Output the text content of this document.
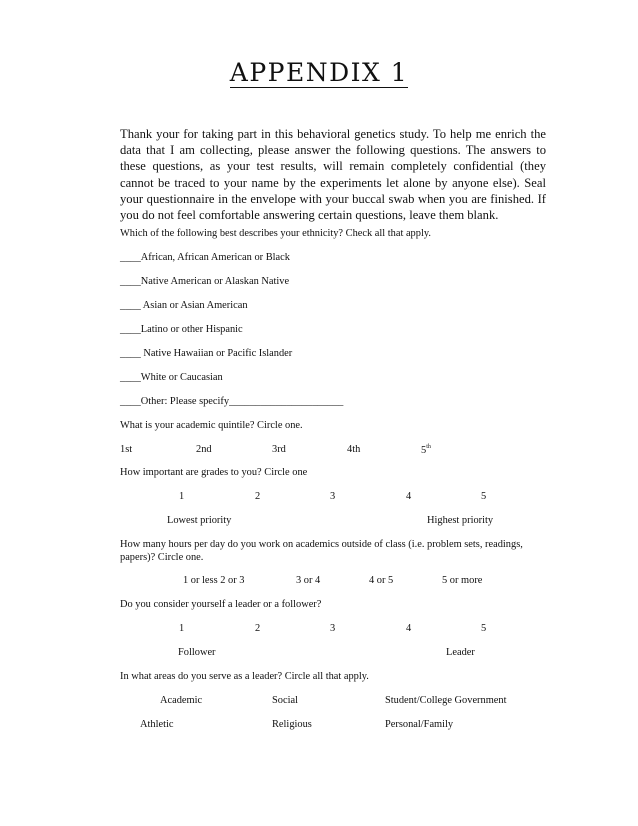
APPENDIX 1
Thank your for taking part in this behavioral genetics study. To help me enrich the data that I am collecting, please answer the following questions. The answers to these questions, as your test results, will remain completely confidential (they cannot be traced to your name by the experiments let alone by anyone else). Seal your questionnaire in the envelope with your buccal swab when you are finished. If you do not feel comfortable answering certain questions, leave them blank.
Which of the following best describes your ethnicity? Check all that apply.
____African, African American or Black
____Native American or Alaskan Native
____ Asian or Asian American
____Latino or other Hispanic
____ Native Hawaiian or Pacific Islander
____White or Caucasian
____Other: Please specify______________________
What is your academic quintile? Circle one.
1st	2nd	3rd	4th	5th
How important are grades to you? Circle one
1	2	3	4	5
Lowest priority	Highest priority
How many hours per day do you work on academics outside of class (i.e. problem sets, readings,
papers)? Circle one.
1 or less 2 or 3	3 or 4	4 or 5	5 or more
Do you consider yourself a leader or a follower?
1	2	3	4	5
Follower	Leader
In what areas do you serve as a leader? Circle all that apply.
Academic	Social	Student/College Government
Athletic	Religious	Personal/Family
